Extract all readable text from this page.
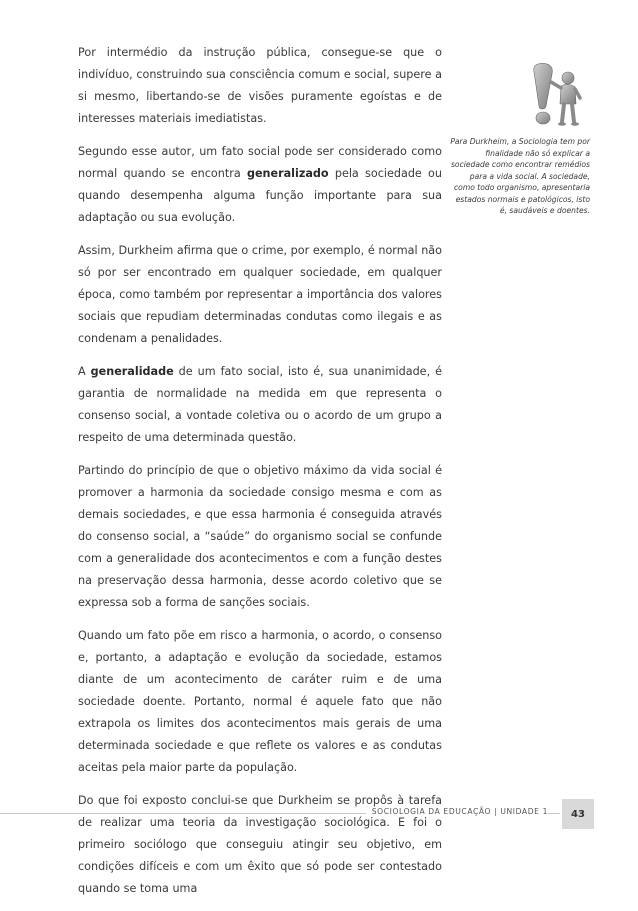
Por intermédio da instrução pública, consegue-se que o indivíduo, construindo sua consciência comum e social, supere a si mesmo, libertando-se de visões puramente egoístas e de interesses materiais imediatistas.

Segundo esse autor, um fato social pode ser considerado como normal quando se encontra generalizado pela sociedade ou quando desempenha alguma função importante para sua adaptação ou sua evolução.

Assim, Durkheim afirma que o crime, por exemplo, é normal não só por ser encontrado em qualquer sociedade, em qualquer época, como também por representar a importância dos valores sociais que repudiam determinadas condutas como ilegais e as condenam a penalidades.

A generalidade de um fato social, isto é, sua unanimidade, é garantia de normalidade na medida em que representa o consenso social, a vontade coletiva ou o acordo de um grupo a respeito de uma determinada questão.

Partindo do princípio de que o objetivo máximo da vida social é promover a harmonia da sociedade consigo mesma e com as demais sociedades, e que essa harmonia é conseguida através do consenso social, a “saúde” do organismo social se confunde com a generalidade dos acontecimentos e com a função destes na preservação dessa harmonia, desse acordo coletivo que se expressa sob a forma de sanções sociais.

Quando um fato põe em risco a harmonia, o acordo, o consenso e, portanto, a adaptação e evolução da sociedade, estamos diante de um acontecimento de caráter ruim e de uma sociedade doente. Portanto, normal é aquele fato que não extrapola os limites dos acontecimentos mais gerais de uma determinada sociedade e que reflete os valores e as condutas aceitas pela maior parte da população.

Do que foi exposto conclui-se que Durkheim se propôs à tarefa de realizar uma teoria da investigação sociológica. E foi o primeiro sociólogo que conseguiu atingir seu objetivo, em condições difíceis e com um êxito que só pode ser contestado quando se toma uma

Para Durkheim, a Sociologia tem por finalidade não só explicar a sociedade como encontrar remédios para a vida social. A sociedade, como todo organismo, apresentaria estados normais e patológicos, isto é, saudáveis e doentes.
SOCIOLOGIA DA EDUCAÇÃO | UNIDADE 1	43
